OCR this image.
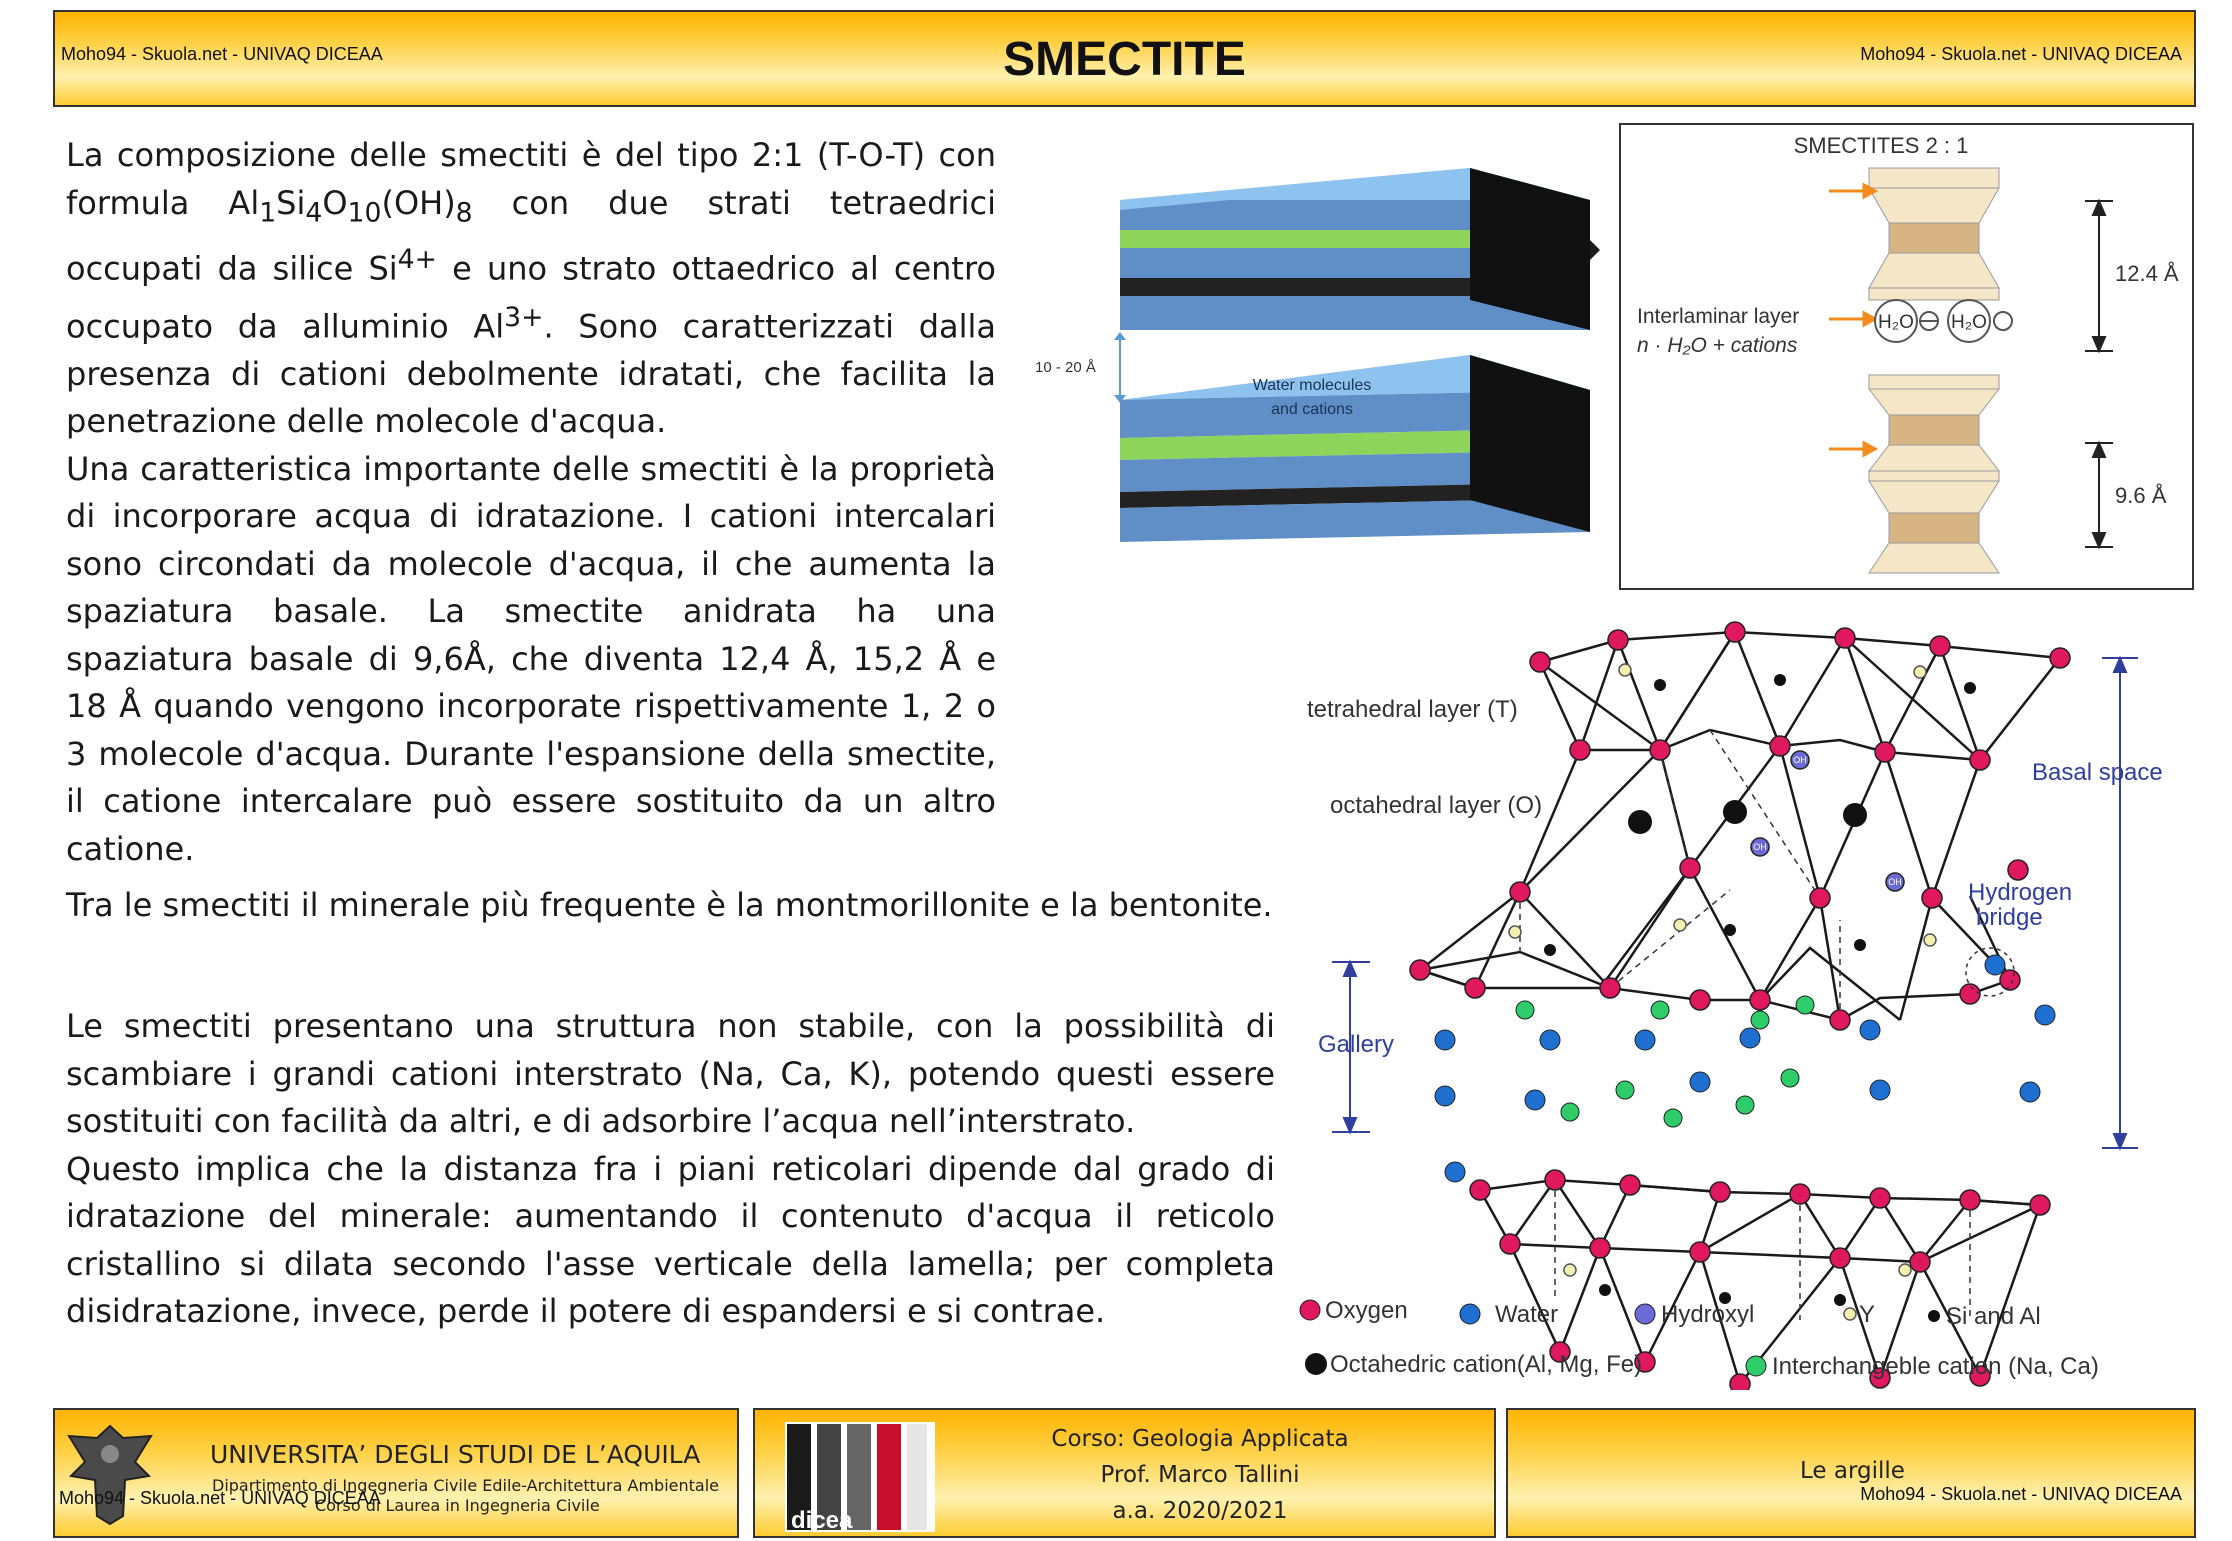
Moho94 - Skuola.net - UNIVAQ DICEAA	SMECTITE	Moho94 - Skuola.net - UNIVAQ DICEAA
La composizione delle smectiti è del tipo 2:1 (T-O-T) con formula $Al_1Si_4O_{10}(OH)_8$ con due strati tetraedrici occupati da silice $Si^{4+}$ e uno strato ottaedrico al centro occupato da alluminio $Al^{3+}$. Sono caratterizzati dalla presenza di cationi debolmente idratati, che facilita la penetrazione delle molecole d'acqua.
Una caratteristica importante delle smectiti è la proprietà di incorporare acqua di idratazione. I cationi intercalari sono circondati da molecole d'acqua, il che aumenta la spaziatura basale. La smectite anidrata ha una spaziatura basale di 9,6Å, che diventa 12,4 Å, 15,2 Å e 18 Å quando vengono incorporate rispettivamente 1, 2 o 3 molecole d'acqua. Durante l'espansione della smectite, il catione intercalare può essere sostituito da un altro catione.
Tra le smectiti il minerale più frequente è la montmorillonite e la bentonite.
Le smectiti presentano una struttura non stabile, con la possibilità di scambiare i grandi cationi interstrato (Na, Ca, K), potendo questi essere sostituiti con facilità da altri, e di adsorbire l’acqua nell’interstrato.
Questo implica che la distanza fra i piani reticolari dipende dal grado di idratazione del minerale: aumentando il contenuto d'acqua il reticolo cristallino si dilata secondo l'asse verticale della lamella; per completa disidratazione, invece, perde il potere di espandersi e si contrae.
10 - 20 Å
Water molecules
and cations
SMECTITES 2 : 1
H₂O H₂O
Interlaminar layer
n · H₂O + cations
12.4 Å
9.6 Å
OH
OH
OH
tetrahedral layer (T)
octahedral layer (O)
Basal space
Hydrogen
bridge
Gallery
Oxygen	Water	Hydroxyl	Y	Si and Al
Octahedric cation(Al, Mg, Fe)	Interchangeble cation (Na, Ca)
UNIVERSITA’ DEGLI STUDI DE L’AQUILA
Dipartimento di Ingegneria Civile Edile-Architettura Ambientale
Corso di Laurea in Ingegneria Civile
Moho94 - Skuola.net - UNIVAQ DICEAA
dicea
Corso: Geologia Applicata
Prof. Marco Tallini
a.a. 2020/2021
Le argille
Moho94 - Skuola.net - UNIVAQ DICEAA
